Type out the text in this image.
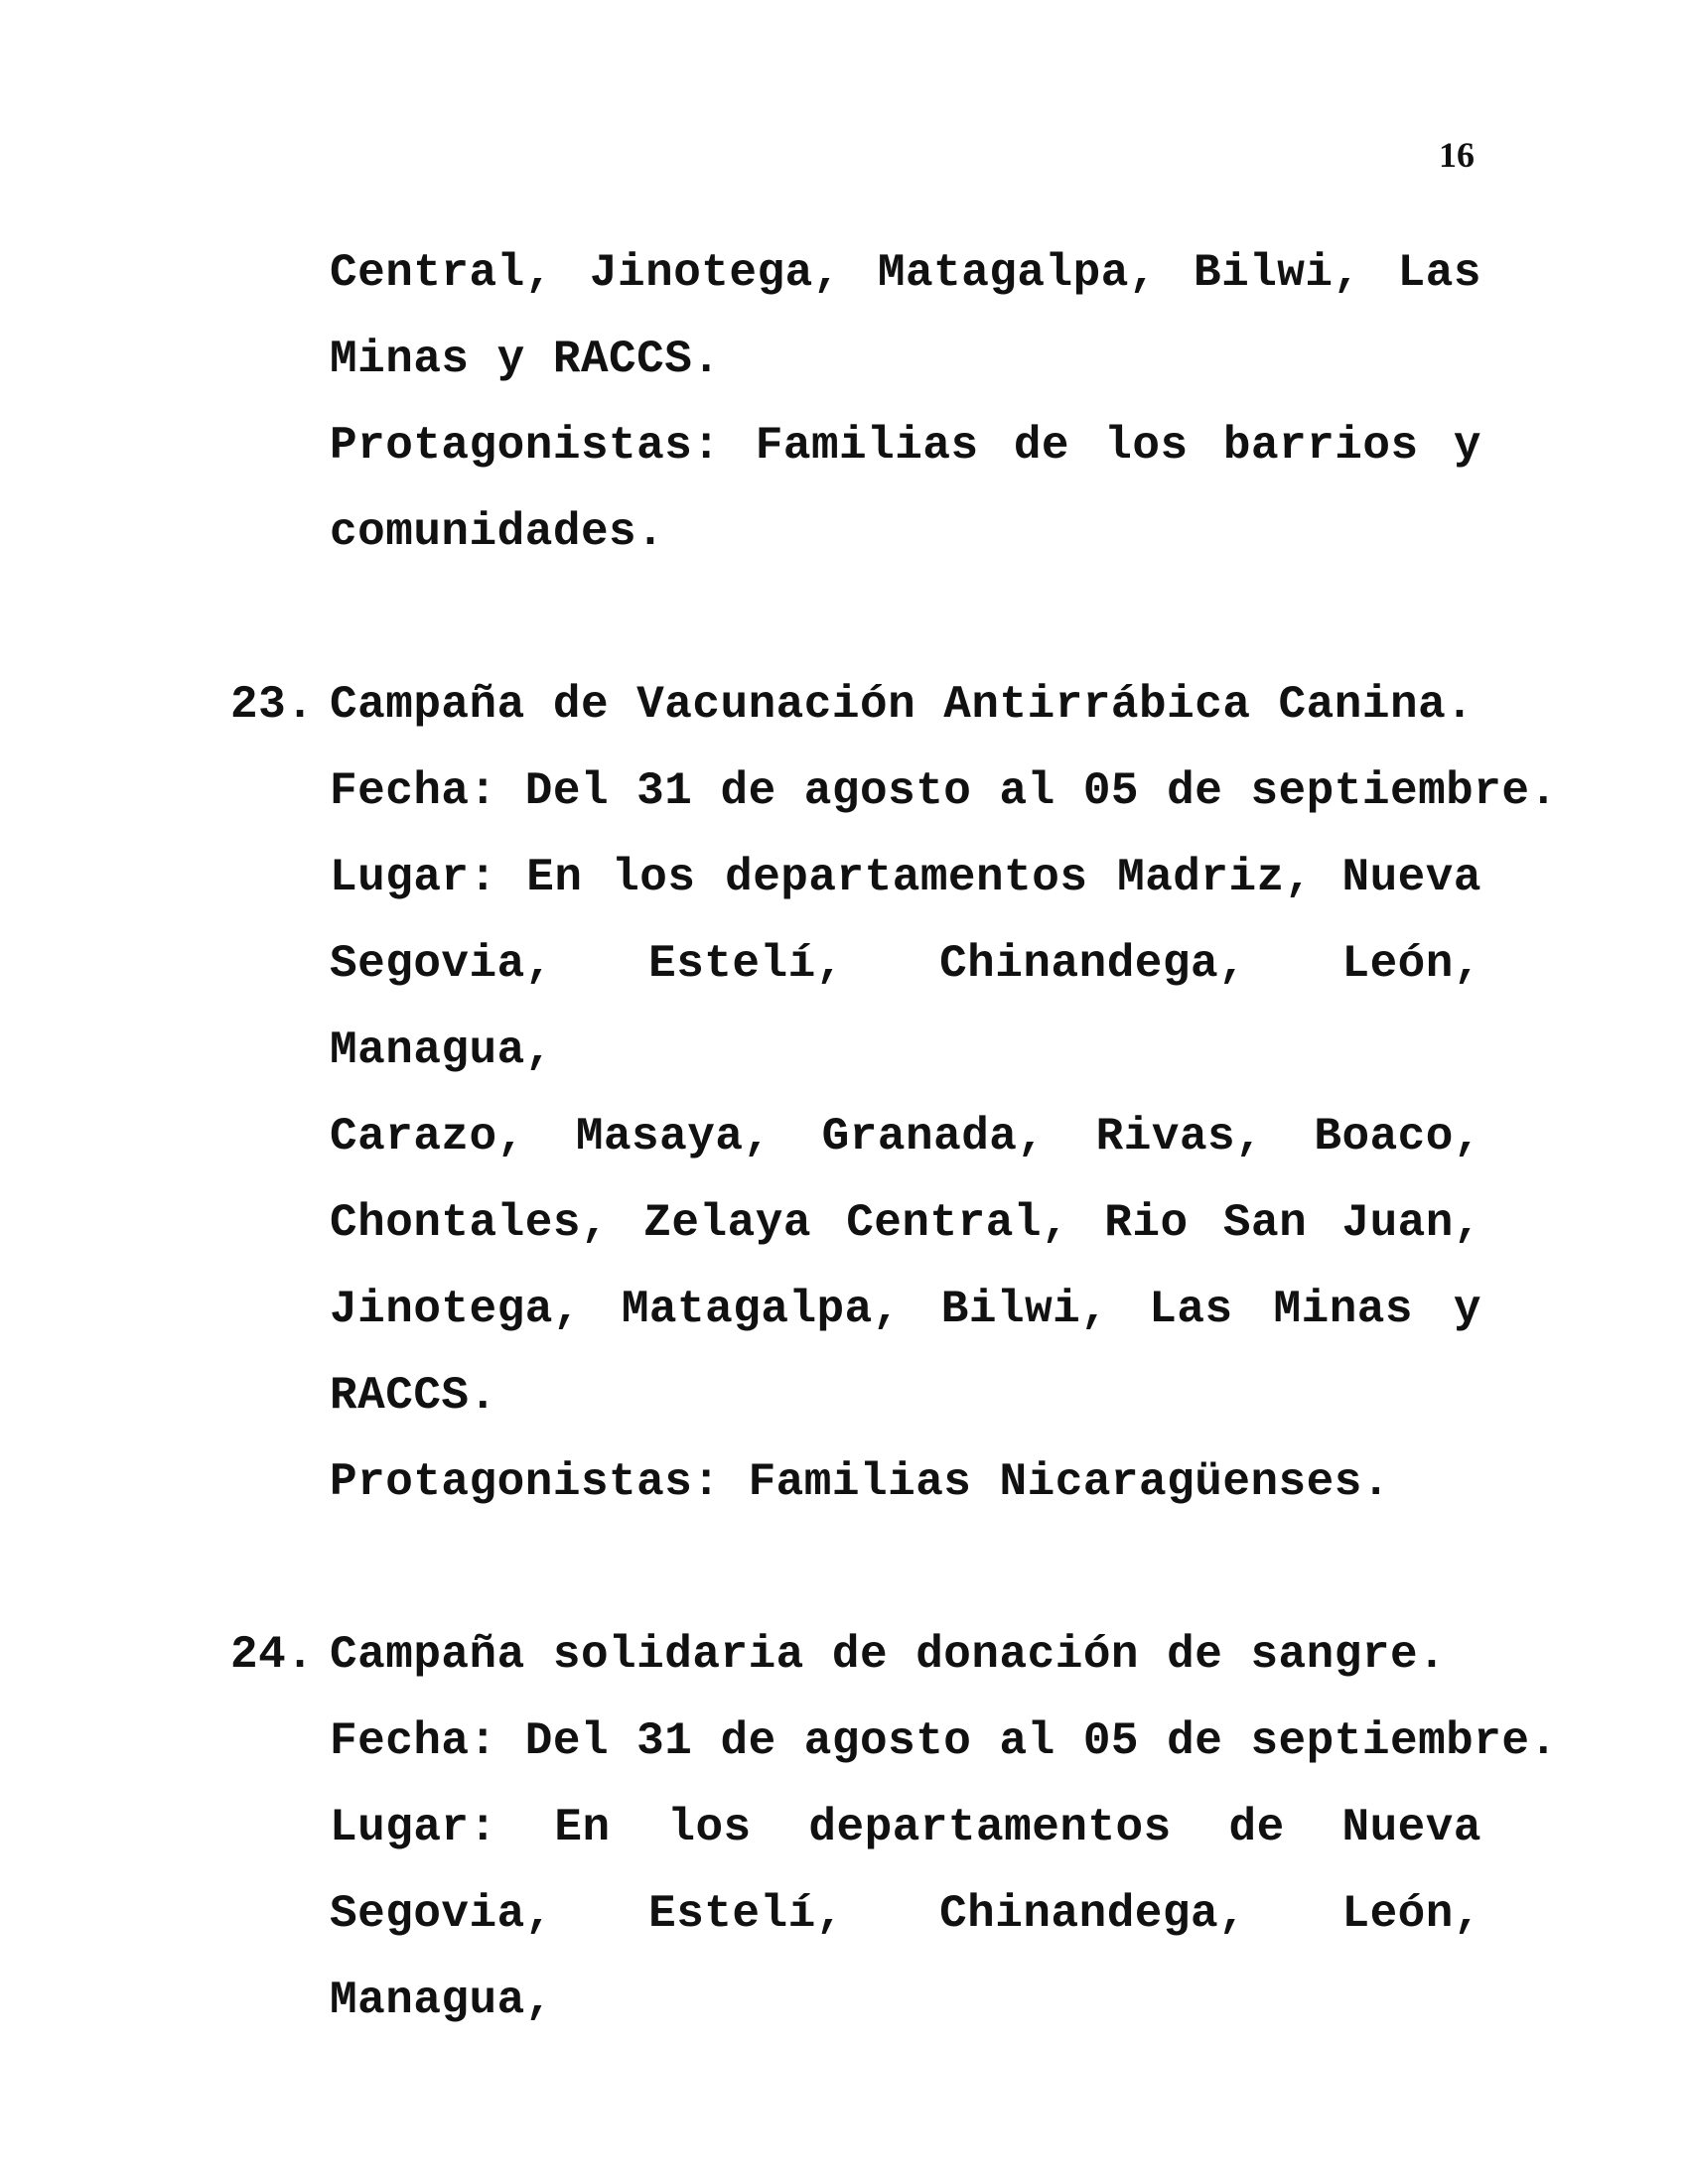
16
Central, Jinotega, Matagalpa, Bilwi, Las
Minas y RACCS.
Protagonistas: Familias de los barrios y
comunidades.
23. Campaña de Vacunación Antirrábica Canina.
Fecha: Del 31 de agosto al 05 de septiembre.
Lugar: En los departamentos Madriz, Nueva
Segovia, Estelí, Chinandega, León, Managua,
Carazo, Masaya, Granada, Rivas, Boaco,
Chontales, Zelaya Central, Rio San Juan,
Jinotega, Matagalpa, Bilwi, Las Minas y
RACCS.
Protagonistas: Familias Nicaragüenses.
24. Campaña solidaria de donación de sangre.
Fecha: Del 31 de agosto al 05 de septiembre.
Lugar: En los departamentos de Nueva
Segovia, Estelí, Chinandega, León, Managua,
